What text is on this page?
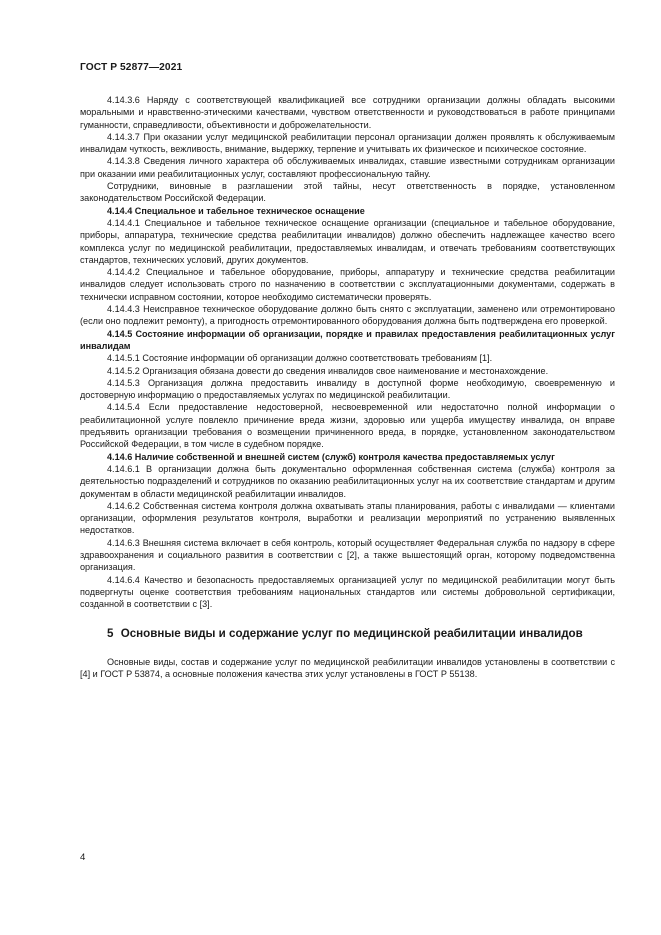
ГОСТ Р 52877—2021

4.14.3.6 Наряду с соответствующей квалификацией все сотрудники организации должны обладать высокими моральными и нравственно-этическими качествами, чувством ответственности и руководствоваться в работе принципами гуманности, справедливости, объективности и доброжелательности.

4.14.3.7 При оказании услуг медицинской реабилитации персонал организации должен проявлять к обслуживаемым инвалидам чуткость, вежливость, внимание, выдержку, терпение и учитывать их физическое и психическое состояние.

4.14.3.8 Сведения личного характера об обслуживаемых инвалидах, ставшие известными сотрудникам организации при оказании ими реабилитационных услуг, составляют профессиональную тайну.

Сотрудники, виновные в разглашении этой тайны, несут ответственность в порядке, установленном законодательством Российской Федерации.

4.14.4 Специальное и табельное техническое оснащение

4.14.4.1 Специальное и табельное техническое оснащение организации (специальное и табельное оборудование, приборы, аппаратура, технические средства реабилитации инвалидов) должно обеспечить надлежащее качество всего комплекса услуг по медицинской реабилитации, предоставляемых инвалидам, и отвечать требованиям соответствующих стандартов, технических условий, других документов.

4.14.4.2 Специальное и табельное оборудование, приборы, аппаратуру и технические средства реабилитации инвалидов следует использовать строго по назначению в соответствии с эксплуатационными документами, содержать в технически исправном состоянии, которое необходимо систематически проверять.

4.14.4.3 Неисправное техническое оборудование должно быть снято с эксплуатации, заменено или отремонтировано (если оно подлежит ремонту), а пригодность отремонтированного оборудования должна быть подтверждена его проверкой.

4.14.5 Состояние информации об организации, порядке и правилах предоставления реабилитационных услуг инвалидам

4.14.5.1 Состояние информации об организации должно соответствовать требованиям [1].

4.14.5.2 Организация обязана довести до сведения инвалидов свое наименование и местонахождение.

4.14.5.3 Организация должна предоставить инвалиду в доступной форме необходимую, своевременную и достоверную информацию о предоставляемых услугах по медицинской реабилитации.

4.14.5.4 Если предоставление недостоверной, несвоевременной или недостаточно полной информации о реабилитационной услуге повлекло причинение вреда жизни, здоровью или ущерба имуществу инвалида, он вправе предъявить организации требования о возмещении причиненного вреда, в порядке, установленном законодательством Российской Федерации, в том числе в судебном порядке.

4.14.6 Наличие собственной и внешней систем (служб) контроля качества предоставляемых услуг

4.14.6.1 В организации должна быть документально оформленная собственная система (служба) контроля за деятельностью подразделений и сотрудников по оказанию реабилитационных услуг на их соответствие стандартам и другим документам в области медицинской реабилитации инвалидов.

4.14.6.2 Собственная система контроля должна охватывать этапы планирования, работы с инвалидами — клиентами организации, оформления результатов контроля, выработки и реализации мероприятий по устранению выявленных недостатков.

4.14.6.3 Внешняя система включает в себя контроль, который осуществляет Федеральная служба по надзору в сфере здравоохранения и социального развития в соответствии с [2], а также вышестоящий орган, которому подведомственна организация.

4.14.6.4 Качество и безопасность предоставляемых организацией услуг по медицинской реабилитации могут быть подвергнуты оценке соответствия требованиям национальных стандартов или системы добровольной сертификации, созданной в соответствии с [3].

5 Основные виды и содержание услуг по медицинской реабилитации инвалидов

Основные виды, состав и содержание услуг по медицинской реабилитации инвалидов установлены в соответствии с [4] и ГОСТ Р 53874, а основные положения качества этих услуг установлены в ГОСТ Р 55138.

4
